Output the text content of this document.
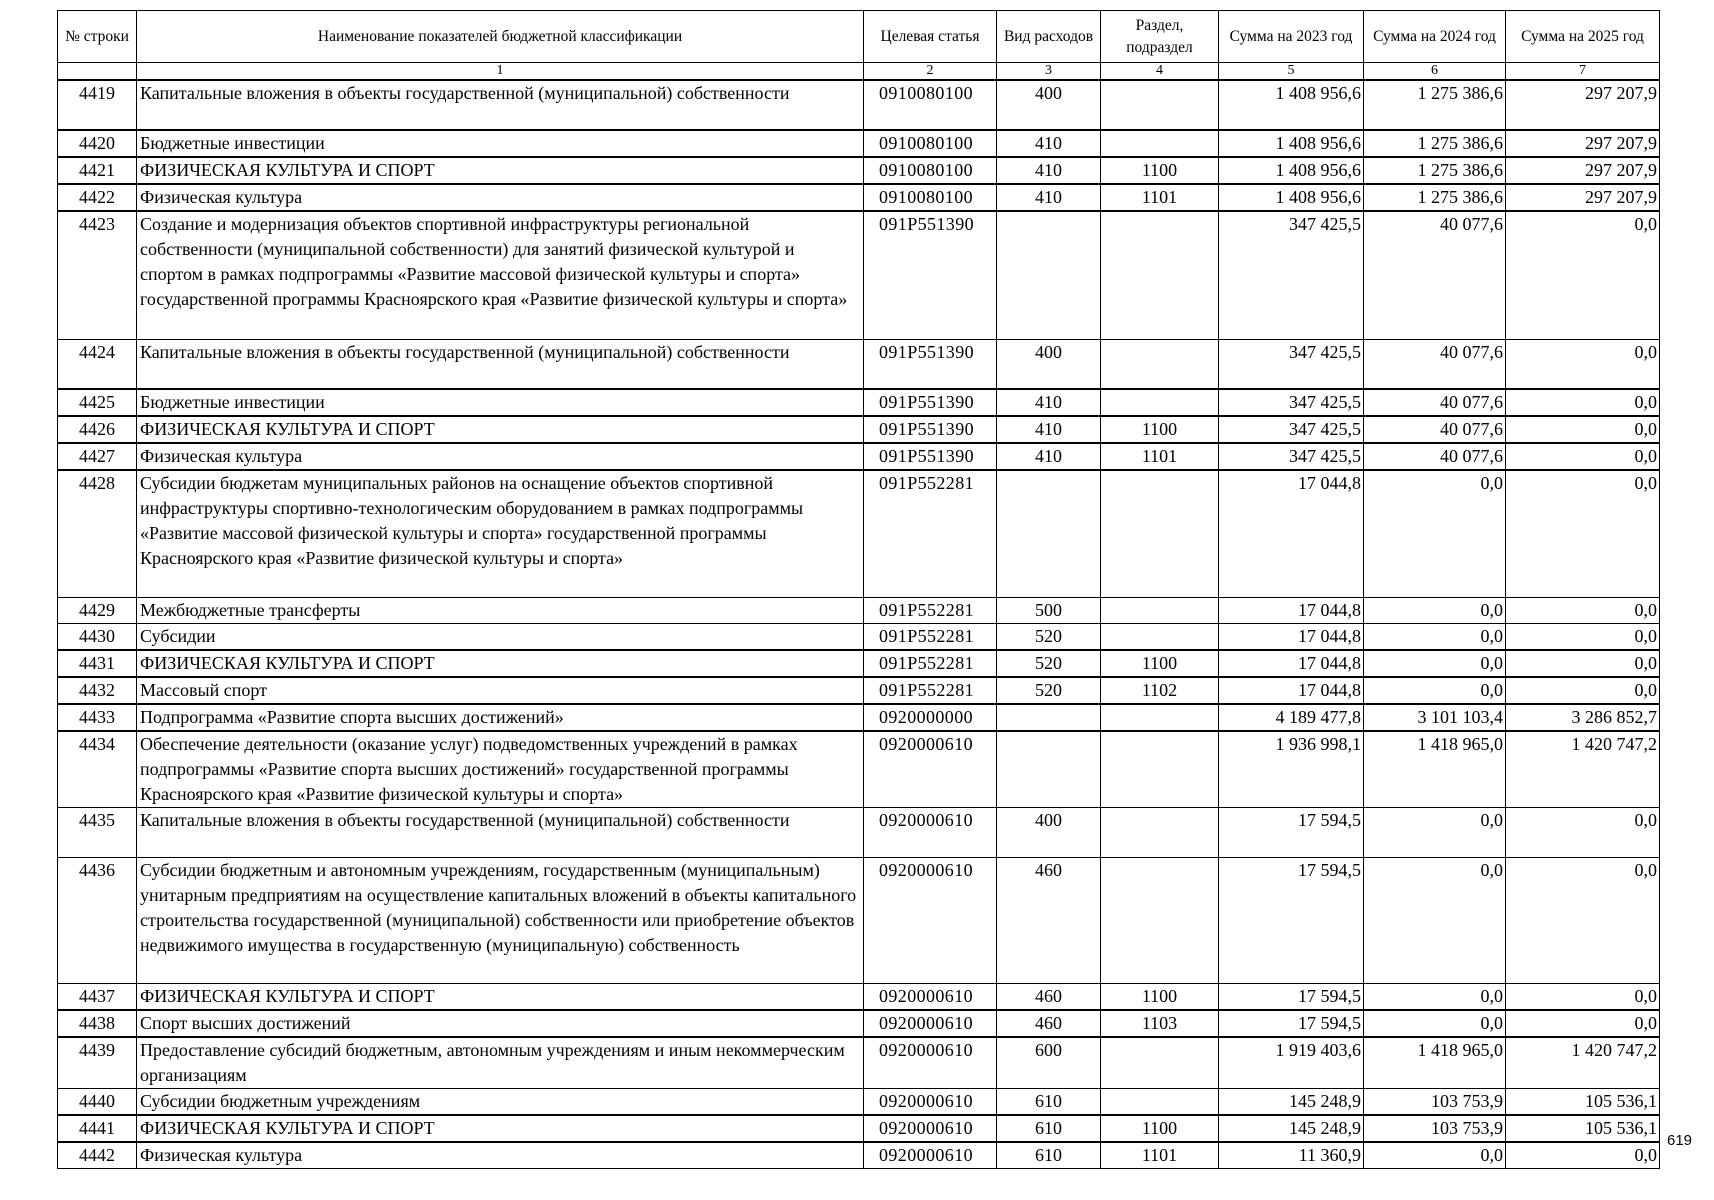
№ строки	Наименование показателей бюджетной классификации	Целевая статья	Вид расходов	Раздел, подраздел	Сумма на 2023 год	Сумма на 2024 год	Сумма на 2025 год
	1	2	3	4	5	6	7
4419	Капитальные вложения в объекты государственной (муниципальной) собственности	0910080100	400		1 408 956,6	1 275 386,6	297 207,9
4420	Бюджетные инвестиции	0910080100	410		1 408 956,6	1 275 386,6	297 207,9
4421	ФИЗИЧЕСКАЯ КУЛЬТУРА И СПОРТ	0910080100	410	1100	1 408 956,6	1 275 386,6	297 207,9
4422	Физическая культура	0910080100	410	1101	1 408 956,6	1 275 386,6	297 207,9
4423	Создание и модернизация объектов спортивной инфраструктуры региональной собственности (муниципальной собственности) для занятий физической культурой и спортом в рамках подпрограммы «Развитие массовой физической культуры и спорта» государственной программы Красноярского края «Развитие физической культуры и спорта»	091P551390			347 425,5	40 077,6	0,0
4424	Капитальные вложения в объекты государственной (муниципальной) собственности	091P551390	400		347 425,5	40 077,6	0,0
4425	Бюджетные инвестиции	091P551390	410		347 425,5	40 077,6	0,0
4426	ФИЗИЧЕСКАЯ КУЛЬТУРА И СПОРТ	091P551390	410	1100	347 425,5	40 077,6	0,0
4427	Физическая культура	091P551390	410	1101	347 425,5	40 077,6	0,0
4428	Субсидии бюджетам муниципальных районов на оснащение объектов спортивной инфраструктуры спортивно-технологическим оборудованием в рамках подпрограммы «Развитие массовой физической культуры и спорта» государственной программы Красноярского края «Развитие физической культуры и спорта»	091P552281			17 044,8	0,0	0,0
4429	Межбюджетные трансферты	091P552281	500		17 044,8	0,0	0,0
4430	Субсидии	091P552281	520		17 044,8	0,0	0,0
4431	ФИЗИЧЕСКАЯ КУЛЬТУРА И СПОРТ	091P552281	520	1100	17 044,8	0,0	0,0
4432	Массовый спорт	091P552281	520	1102	17 044,8	0,0	0,0
4433	Подпрограмма «Развитие спорта высших достижений»	0920000000			4 189 477,8	3 101 103,4	3 286 852,7
4434	Обеспечение деятельности (оказание услуг) подведомственных учреждений в рамках подпрограммы «Развитие спорта высших достижений» государственной программы Красноярского края «Развитие физической культуры и спорта»	0920000610			1 936 998,1	1 418 965,0	1 420 747,2
4435	Капитальные вложения в объекты государственной (муниципальной) собственности	0920000610	400		17 594,5	0,0	0,0
4436	Субсидии бюджетным и автономным учреждениям, государственным (муниципальным) унитарным предприятиям на осуществление капитальных вложений в объекты капитального строительства государственной (муниципальной) собственности или приобретение объектов недвижимого имущества в государственную (муниципальную) собственность	0920000610	460		17 594,5	0,0	0,0
4437	ФИЗИЧЕСКАЯ КУЛЬТУРА И СПОРТ	0920000610	460	1100	17 594,5	0,0	0,0
4438	Спорт высших достижений	0920000610	460	1103	17 594,5	0,0	0,0
4439	Предоставление субсидий бюджетным, автономным учреждениям и иным некоммерческим организациям	0920000610	600		1 919 403,6	1 418 965,0	1 420 747,2
4440	Субсидии бюджетным учреждениям	0920000610	610		145 248,9	103 753,9	105 536,1
4441	ФИЗИЧЕСКАЯ КУЛЬТУРА И СПОРТ	0920000610	610	1100	145 248,9	103 753,9	105 536,1
4442	Физическая культура	0920000610	610	1101	11 360,9	0,0	0,0
619
